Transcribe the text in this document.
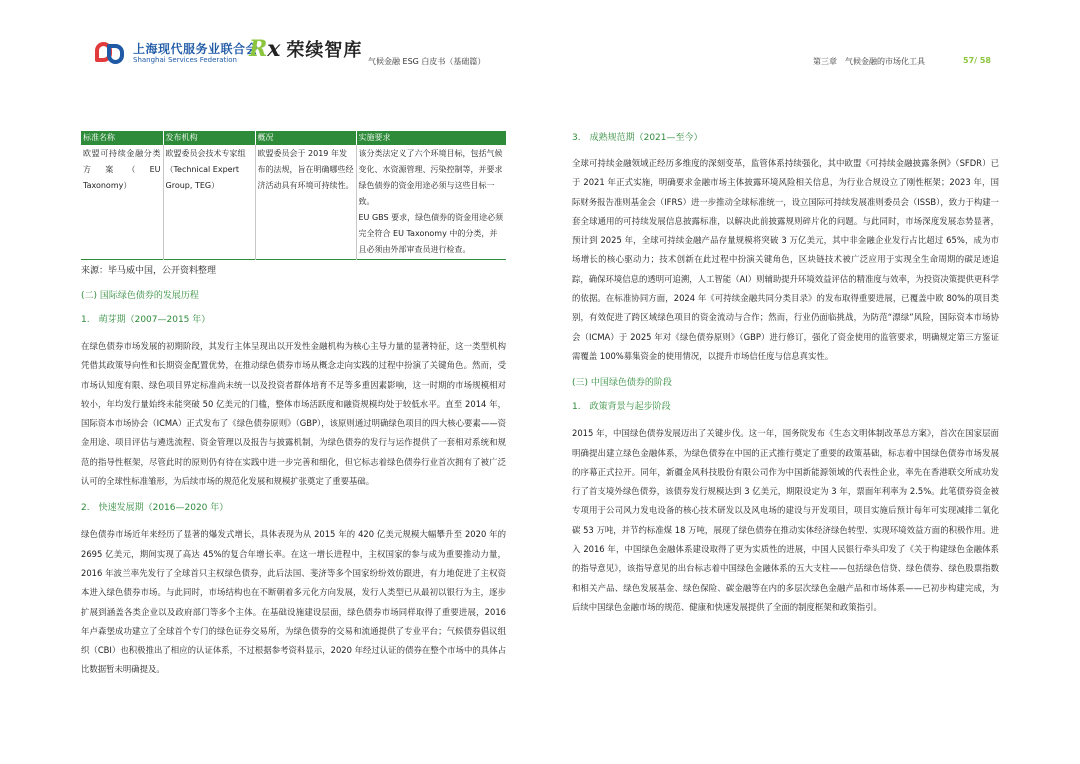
上海现代服务业联合会
Shanghai Services Federation Rx 荣续智库
气候金融 ESG 白皮书（基础篇）	第三章　气候金融的市场化工具	57/ 58
标准名称	发布机构	概况	实施要求
欧盟可持续金融分类方案（EU Taxonomy）	欧盟委员会技术专家组（Technical Expert Group, TEG）	欧盟委员会于 2019 年发布的法规，旨在明确哪些经济活动具有环境可持续性。	该分类法定义了六个环境目标，包括气候变化、水资源管理、污染控制等，并要求绿色债券的资金用途必须与这些目标一致。
EU GBS 要求，绿色债券的资金用途必须完全符合 EU Taxonomy 中的分类，并且必须由外部审查员进行检查。
来源：毕马威中国，公开资料整理
(二) 国际绿色债券的发展历程
1.　萌芽期（2007—2015 年）
在绿色债券市场发展的初期阶段，其发行主体呈现出以开发性金融机构为核心主导力量的显著特征，这一类型机构凭借其政策导向性和长期资金配置优势，在推动绿色债券市场从概念走向实践的过程中扮演了关键角色。然而，受市场认知度有限、绿色项目界定标准尚未统一以及投资者群体培育不足等多重因素影响，这一时期的市场规模相对较小，年均发行量始终未能突破 50 亿美元的门槛，整体市场活跃度和融资规模均处于较低水平。直至 2014 年，国际资本市场协会（ICMA）正式发布了《绿色债券原则》（GBP），该原则通过明确绿色项目的四大核心要素——资金用途、项目评估与遴选流程、资金管理以及报告与披露机制，为绿色债券的发行与运作提供了一套相对系统和规范的指导性框架，尽管此时的原则仍有待在实践中进一步完善和细化，但它标志着绿色债券行业首次拥有了被广泛认可的全球性标准雏形，为后续市场的规范化发展和规模扩张奠定了重要基础。
2.　快速发展期（2016—2020 年）
绿色债券市场近年来经历了显著的爆发式增长，具体表现为从 2015 年的 420 亿美元规模大幅攀升至 2020 年的 2695 亿美元，期间实现了高达 45%的复合年增长率。在这一增长进程中，主权国家的参与成为重要推动力量，2016 年波兰率先发行了全球首只主权绿色债券，此后法国、斐济等多个国家纷纷效仿跟进，有力地促进了主权资本进入绿色债券市场。与此同时，市场结构也在不断朝着多元化方向发展，发行人类型已从最初以银行为主，逐步扩展到涵盖各类企业以及政府部门等多个主体。在基础设施建设层面，绿色债券市场同样取得了重要进展，2016 年卢森堡成功建立了全球首个专门的绿色证券交易所，为绿色债券的交易和流通提供了专业平台；气候债券倡议组织（CBI）也积极推出了相应的认证体系，不过根据参考资料显示，2020 年经过认证的债券在整个市场中的具体占比数据暂未明确提及。
3.　成熟规范期（2021—至今）
全球可持续金融领域正经历多维度的深刻变革，监管体系持续强化，其中欧盟《可持续金融披露条例》（SFDR）已于 2021 年正式实施，明确要求金融市场主体披露环境风险相关信息，为行业合规设立了刚性框架；2023 年，国际财务报告准则基金会（IFRS）进一步推动全球标准统一，设立国际可持续发展准则委员会（ISSB），致力于构建一套全球通用的可持续发展信息披露标准，以解决此前披露规则碎片化的问题。与此同时，市场深度发展态势显著，预计到 2025 年，全球可持续金融产品存量规模将突破 3 万亿美元，其中非金融企业发行占比超过 65%，成为市场增长的核心驱动力；技术创新在此过程中扮演关键角色，区块链技术被广泛应用于实现全生命周期的碳足迹追踪，确保环境信息的透明可追溯，人工智能（AI）则辅助提升环境效益评估的精准度与效率，为投资决策提供更科学的依据。在标准协同方面，2024 年《可持续金融共同分类目录》的发布取得重要进展，已覆盖中欧 80%的项目类别，有效促进了跨区域绿色项目的资金流动与合作；然而，行业仍面临挑战，为防范“漂绿”风险，国际资本市场协会（ICMA）于 2025 年对《绿色债券原则》（GBP）进行修订，强化了资金使用的监管要求，明确规定第三方鉴证需覆盖 100%募集资金的使用情况，以提升市场信任度与信息真实性。
(三) 中国绿色债券的阶段
1.　政策背景与起步阶段
2015 年，中国绿色债券发展迈出了关键步伐。这一年，国务院发布《生态文明体制改革总方案》，首次在国家层面明确提出建立绿色金融体系，为绿色债券在中国的正式推行奠定了重要的政策基础，标志着中国绿色债券市场发展的序幕正式拉开。同年，新疆金风科技股份有限公司作为中国新能源领域的代表性企业，率先在香港联交所成功发行了首支境外绿色债券，该债券发行规模达到 3 亿美元，期限设定为 3 年，票面年利率为 2.5%。此笔债券资金被专项用于公司风力发电设备的核心技术研发以及风电场的建设与开发项目，项目实施后预计每年可实现减排二氧化碳 53 万吨，并节约标准煤 18 万吨，展现了绿色债券在推动实体经济绿色转型、实现环境效益方面的积极作用。进入 2016 年，中国绿色金融体系建设取得了更为实质性的进展，中国人民银行牵头印发了《关于构建绿色金融体系的指导意见》，该指导意见的出台标志着中国绿色金融体系的五大支柱——包括绿色信贷、绿色债券、绿色股票指数和相关产品、绿色发展基金、绿色保险、碳金融等在内的多层次绿色金融产品和市场体系——已初步构建完成，为后续中国绿色金融市场的规范、健康和快速发展提供了全面的制度框架和政策指引。
